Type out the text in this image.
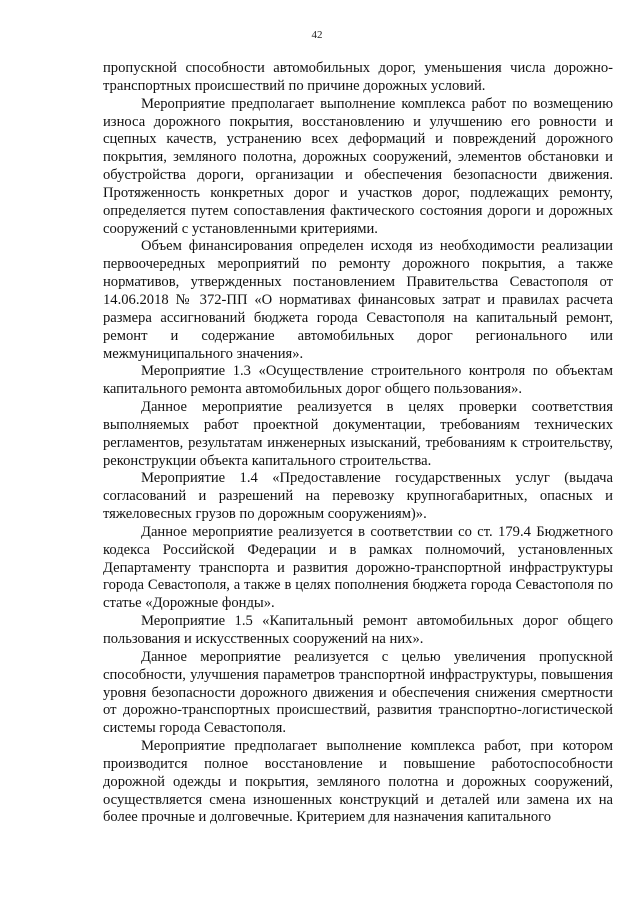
42

пропускной способности автомобильных дорог, уменьшения числа дорожно-транспортных происшествий по причине дорожных условий.

Мероприятие предполагает выполнение комплекса работ по возмещению износа дорожного покрытия, восстановлению и улучшению его ровности и сцепных качеств, устранению всех деформаций и повреждений дорожного покрытия, земляного полотна, дорожных сооружений, элементов обстановки и обустройства дороги, организации и обеспечения безопасности движения. Протяженность конкретных дорог и участков дорог, подлежащих ремонту, определяется путем сопоставления фактического состояния дороги и дорожных сооружений с установленными критериями.

Объем финансирования определен исходя из необходимости реализации первоочередных мероприятий по ремонту дорожного покрытия, а также нормативов, утвержденных постановлением Правительства Севастополя от 14.06.2018 № 372-ПП «О нормативах финансовых затрат и правилах расчета размера ассигнований бюджета города Севастополя на капитальный ремонт, ремонт и содержание автомобильных дорог регионального или межмуниципального значения».

Мероприятие 1.3 «Осуществление строительного контроля по объектам капитального ремонта автомобильных дорог общего пользования».

Данное мероприятие реализуется в целях проверки соответствия выполняемых работ проектной документации, требованиям технических регламентов, результатам инженерных изысканий, требованиям к строительству, реконструкции объекта капитального строительства.

Мероприятие 1.4 «Предоставление государственных услуг (выдача согласований и разрешений на перевозку крупногабаритных, опасных и тяжеловесных грузов по дорожным сооружениям)».

Данное мероприятие реализуется в соответствии со ст. 179.4 Бюджетного кодекса Российской Федерации и в рамках полномочий, установленных Департаменту транспорта и развития дорожно-транспортной инфраструктуры города Севастополя, а также в целях пополнения бюджета города Севастополя по статье «Дорожные фонды».

Мероприятие 1.5 «Капитальный ремонт автомобильных дорог общего пользования и искусственных сооружений на них».

Данное мероприятие реализуется с целью увеличения пропускной способности, улучшения параметров транспортной инфраструктуры, повышения уровня безопасности дорожного движения и обеспечения снижения смертности от дорожно-транспортных происшествий, развития транспортно-логистической системы города Севастополя.

Мероприятие предполагает выполнение комплекса работ, при котором производится полное восстановление и повышение работоспособности дорожной одежды и покрытия, земляного полотна и дорожных сооружений, осуществляется смена изношенных конструкций и деталей или замена их на более прочные и долговечные. Критерием для назначения капитального
